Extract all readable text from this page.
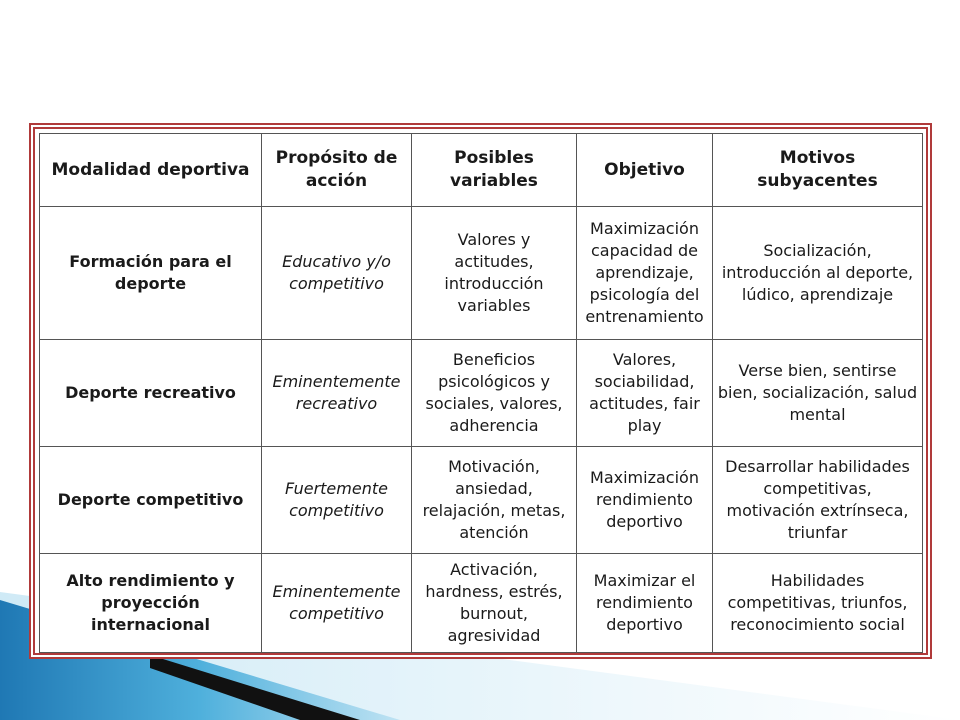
Modalidad deportiva	Propósito de acción	Posibles variables	Objetivo	Motivos subyacentes
Formación para el deporte	Educativo y/o competitivo	Valores y actitudes, introducción variables	Maximización capacidad de aprendizaje, psicología del entrenamiento	Socialización, introducción al deporte, lúdico, aprendizaje
Deporte recreativo	Eminentemente recreativo	Beneficios psicológicos y sociales, valores, adherencia	Valores, sociabilidad, actitudes, fair play	Verse bien, sentirse bien, socialización, salud mental
Deporte competitivo	Fuertemente competitivo	Motivación, ansiedad, relajación, metas, atención	Maximización rendimiento deportivo	Desarrollar habilidades competitivas, motivación extrínseca, triunfar
Alto rendimiento y proyección internacional	Eminentemente competitivo	Activación, hardness, estrés, burnout, agresividad	Maximizar el rendimiento deportivo	Habilidades competitivas, triunfos, reconocimiento social
